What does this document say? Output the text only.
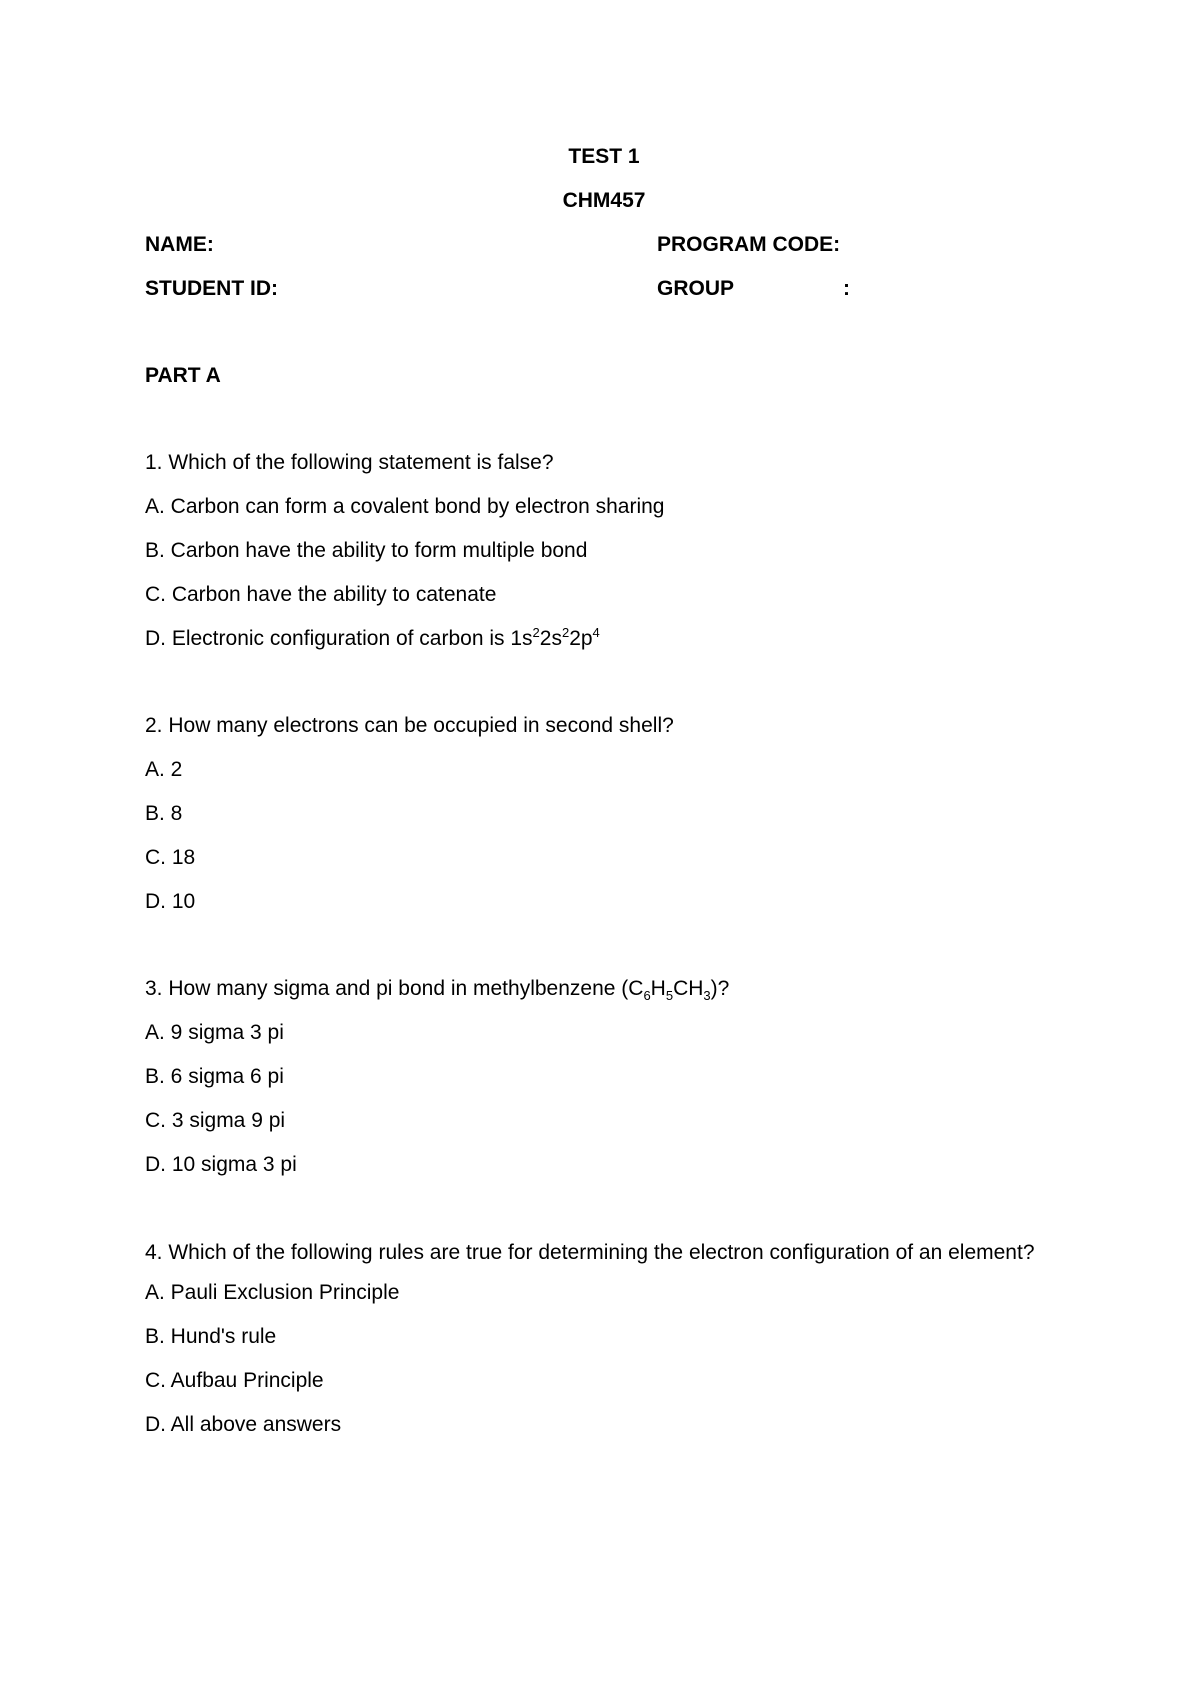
TEST 1
CHM457
NAME:	PROGRAM CODE:
STUDENT ID:	GROUP	:
PART A
1. Which of the following statement is false?
A. Carbon can form a covalent bond by electron sharing
B. Carbon have the ability to form multiple bond
C. Carbon have the ability to catenate
D. Electronic configuration of carbon is $1s^22s^22p^4$
2. How many electrons can be occupied in second shell?
A. 2
B. 8
C. 18
D. 10
3. How many sigma and pi bond in methylbenzene $(C_6H_5CH_3)$?
A. 9 sigma 3 pi
B. 6 sigma 6 pi
C. 3 sigma 9 pi
D. 10 sigma 3 pi
4. Which of the following rules are true for determining the electron configuration of an element?
A. Pauli Exclusion Principle
B. Hund's rule
C. Aufbau Principle
D. All above answers
